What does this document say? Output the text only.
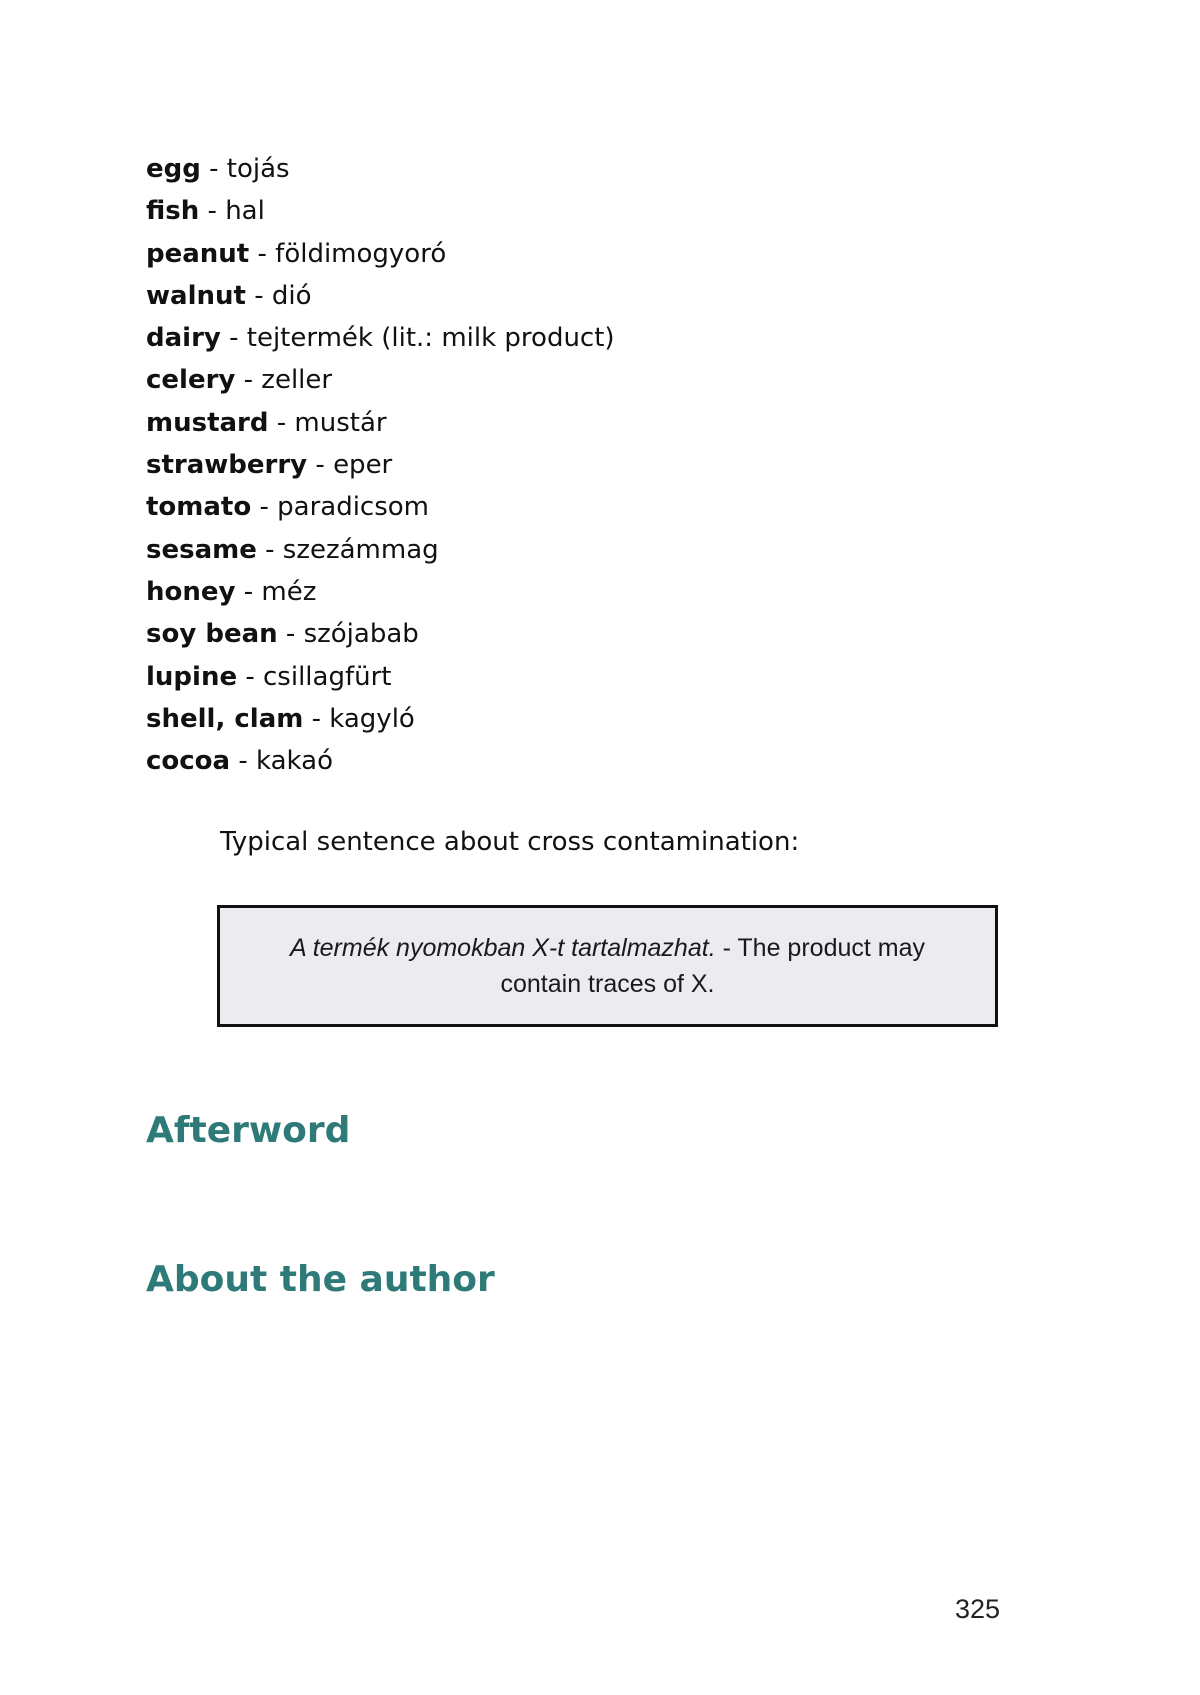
egg - tojás
fish - hal
peanut - földimogyoró
walnut - dió
dairy - tejtermék (lit.: milk product)
celery - zeller
mustard - mustár
strawberry - eper
tomato - paradicsom
sesame - szezámmag
honey - méz
soy bean - szójabab
lupine - csillagfürt
shell, clam - kagyló
cocoa - kakaó

Typical sentence about cross contamination:

A termék nyomokban X-t tartalmazhat. - The product may contain traces of X.

Afterword
About the author
325
